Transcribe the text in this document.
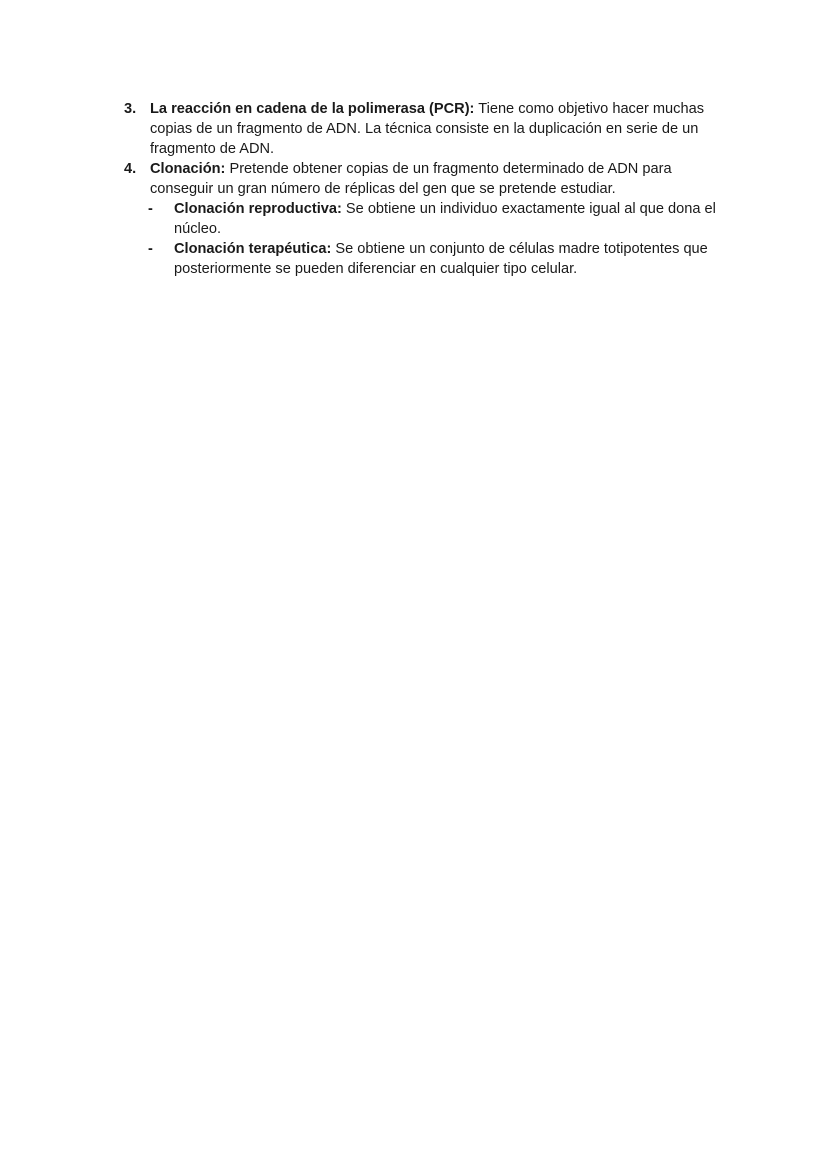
3. La reacción en cadena de la polimerasa (PCR): Tiene como objetivo hacer muchas copias de un fragmento de ADN. La técnica consiste en la duplicación en serie de un fragmento de ADN.
4. Clonación: Pretende obtener copias de un fragmento determinado de ADN para conseguir un gran número de réplicas del gen que se pretende estudiar.
- Clonación reproductiva: Se obtiene un individuo exactamente igual al que dona el núcleo.
- Clonación terapéutica: Se obtiene un conjunto de células madre totipotentes que posteriormente se pueden diferenciar en cualquier tipo celular.
